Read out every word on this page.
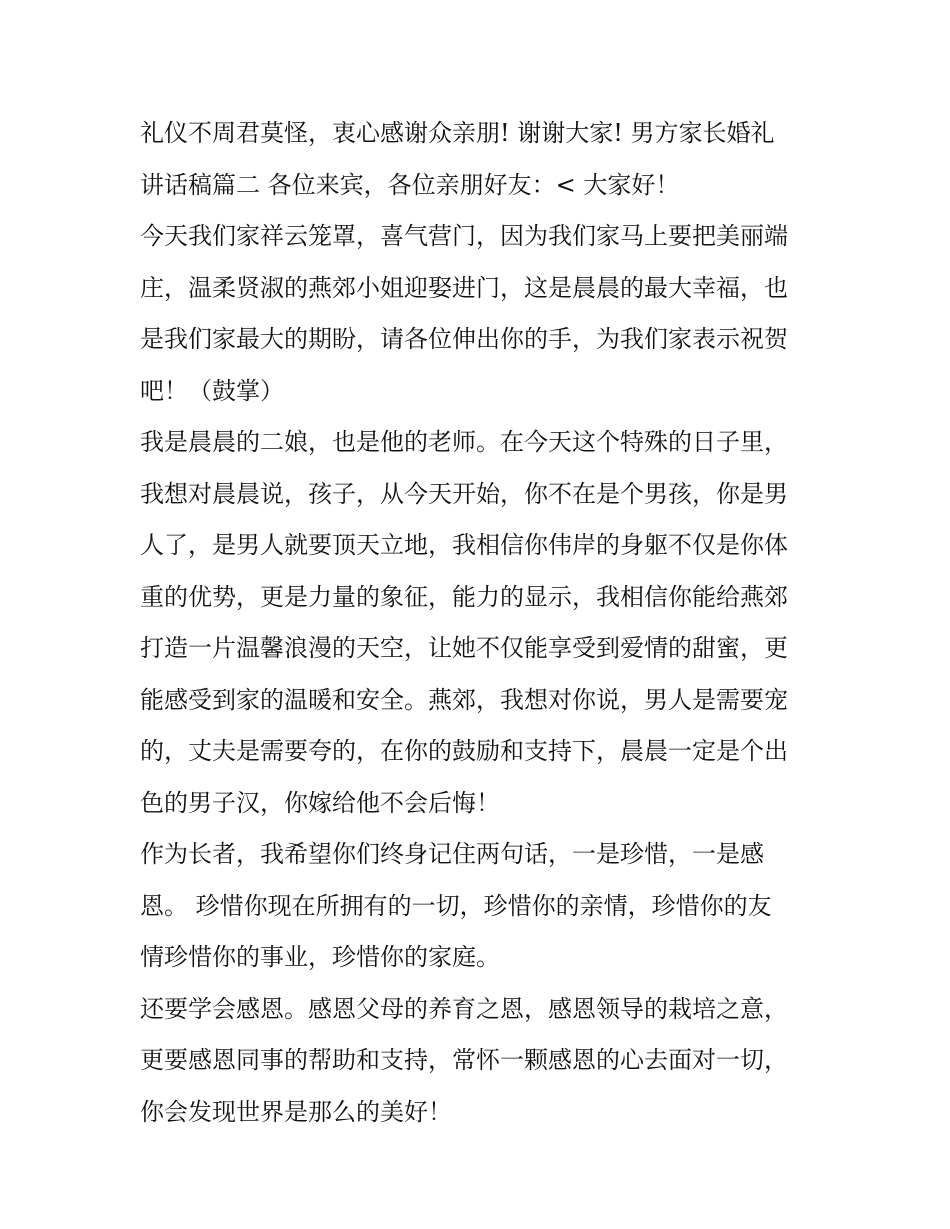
礼仪不周君莫怪，衷心感谢众亲朋! 谢谢大家! 男方家长婚礼
讲话稿篇二 各位来宾，各位亲朋好友：< 大家好！
今天我们家祥云笼罩，喜气营门，因为我们家马上要把美丽端
庄，温柔贤淑的燕郊小姐迎娶进门，这是晨晨的最大幸福，也
是我们家最大的期盼，请各位伸出你的手，为我们家表示祝贺
吧！（鼓掌）
我是晨晨的二娘，也是他的老师。在今天这个特殊的日子里，
我想对晨晨说，孩子，从今天开始，你不在是个男孩，你是男
人了，是男人就要顶天立地，我相信你伟岸的身躯不仅是你体
重的优势，更是力量的象征，能力的显示，我相信你能给燕郊
打造一片温馨浪漫的天空，让她不仅能享受到爱情的甜蜜，更
能感受到家的温暖和安全。燕郊，我想对你说，男人是需要宠
的，丈夫是需要夸的，在你的鼓励和支持下，晨晨一定是个出
色的男子汉，你嫁给他不会后悔！
作为长者，我希望你们终身记住两句话，一是珍惜，一是感
恩。 珍惜你现在所拥有的一切，珍惜你的亲情，珍惜你的友
情珍惜你的事业，珍惜你的家庭。
还要学会感恩。感恩父母的养育之恩，感恩领导的栽培之意，
更要感恩同事的帮助和支持，常怀一颗感恩的心去面对一切，
你会发现世界是那么的美好！
